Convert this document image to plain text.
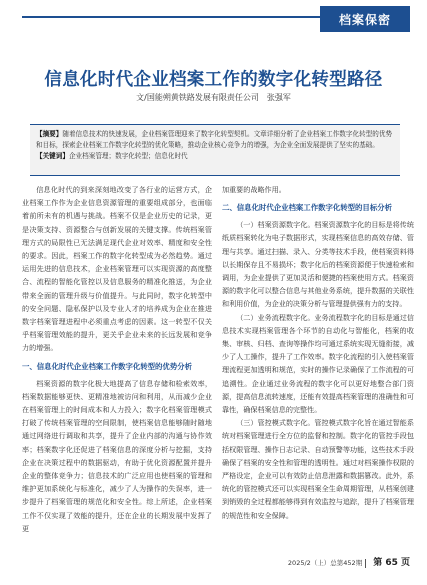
档案保密
信息化时代企业档案工作的数字化转型路径
文/国能朔黄铁路发展有限责任公司　张强军
【摘要】随着信息技术的快速发展，企业档案管理迎来了数字化转型契机。文章详细分析了企业档案工作数字化转型的优势和目标，探索企业档案工作数字化转型的优化策略，推动企业核心竞争力的增强，为企业全面发展提供了坚实的基础。
【关键词】企业档案管理；数字化转型；信息化时代

信息化时代的到来深刻地改变了各行业的运营方式，企业档案工作作为企业信息资源管理的重要组成部分，也面临着前所未有的机遇与挑战。档案不仅是企业历史的记录，更是决策支持、资源整合与创新发展的关键支撑。传统档案管理方式的局限性已无法满足现代企业对效率、精度和安全性的要求。因此，档案工作的数字化转型成为必然趋势。通过运用先进的信息技术，企业档案管理可以实现资源的高度整合、流程的智能化管控以及信息服务的精准化推送，为企业带来全面的管理升级与价值提升。与此同时，数字化转型中的安全问题、隐私保护以及专业人才的培养成为企业在推进数字档案管理进程中必须重点考虑的因素。这一转型不仅关乎档案管理效能的提升，更关乎企业未来的长远发展和竞争力的增强。

一、信息化时代企业档案工作数字化转型的优势分析

档案资源的数字化极大地提高了信息存储和检索效率，档案数据能够更快、更精准地被访问和利用，从而减少企业在档案管理上的时间成本和人力投入；数字化档案管理模式打破了传统档案管理的空间限制，使档案信息能够随时随地通过网络进行调取和共享，提升了企业内部的沟通与协作效率；档案数字化还促进了档案信息的深度分析与挖掘，支持企业在决策过程中的数据驱动，有助于优化资源配置并提升企业的整体竞争力；信息技术的广泛应用也使档案的管理和维护更加系统化与标准化，减少了人为操作的失误率，进一步提升了档案管理的规范化和安全性。综上所述，企业档案工作不仅实现了效能的提升，还在企业的长期发展中发挥了更

加重要的战略作用。

二、信息化时代企业档案工作数字化转型的目标分析

（一）档案资源数字化。档案资源数字化的目标是将传统纸质档案转化为电子数据形式，实现档案信息的高效存储、管理与共享。通过扫描、录入、分类等技术手段，使档案资料得以长期保存且不易损坏；数字化后的档案资源便于快速检索和调用，为企业提供了更加灵活和便捷的档案使用方式。档案资源的数字化可以整合信息与其他业务系统，提升数据的关联性和利用价值，为企业的决策分析与管理提供强有力的支持。

（二）业务流程数字化。业务流程数字化的目标是通过信息技术实现档案管理各个环节的自动化与智能化，档案的收集、审核、归档、查询等操作均可通过系统实现无缝衔接，减少了人工操作，提升了工作效率。数字化流程的引入使档案管理流程更加透明和规范，实时的操作记录确保了工作流程的可追溯性。企业通过业务流程的数字化可以更好地整合部门资源，提高信息流转速度，还能有效提高档案管理的准确性和可靠性，确保档案信息的完整性。

（三）管控模式数字化。管控模式数字化旨在通过智能系统对档案管理进行全方位的监督和控制。数字化的管控手段包括权限管理、操作日志记录、自动预警等功能，这些技术手段确保了档案的安全性和管理的透明性。通过对档案操作权限的严格设定，企业可以有效防止信息泄露和数据篡改。此外，系统化的管控模式还可以实现档案全生命周期管理，从档案创建到销毁的全过程都能够得到有效监控与追踪，提升了档案管理的规范性和安全保障。

2025/2（上）总第452期 第 65 页
